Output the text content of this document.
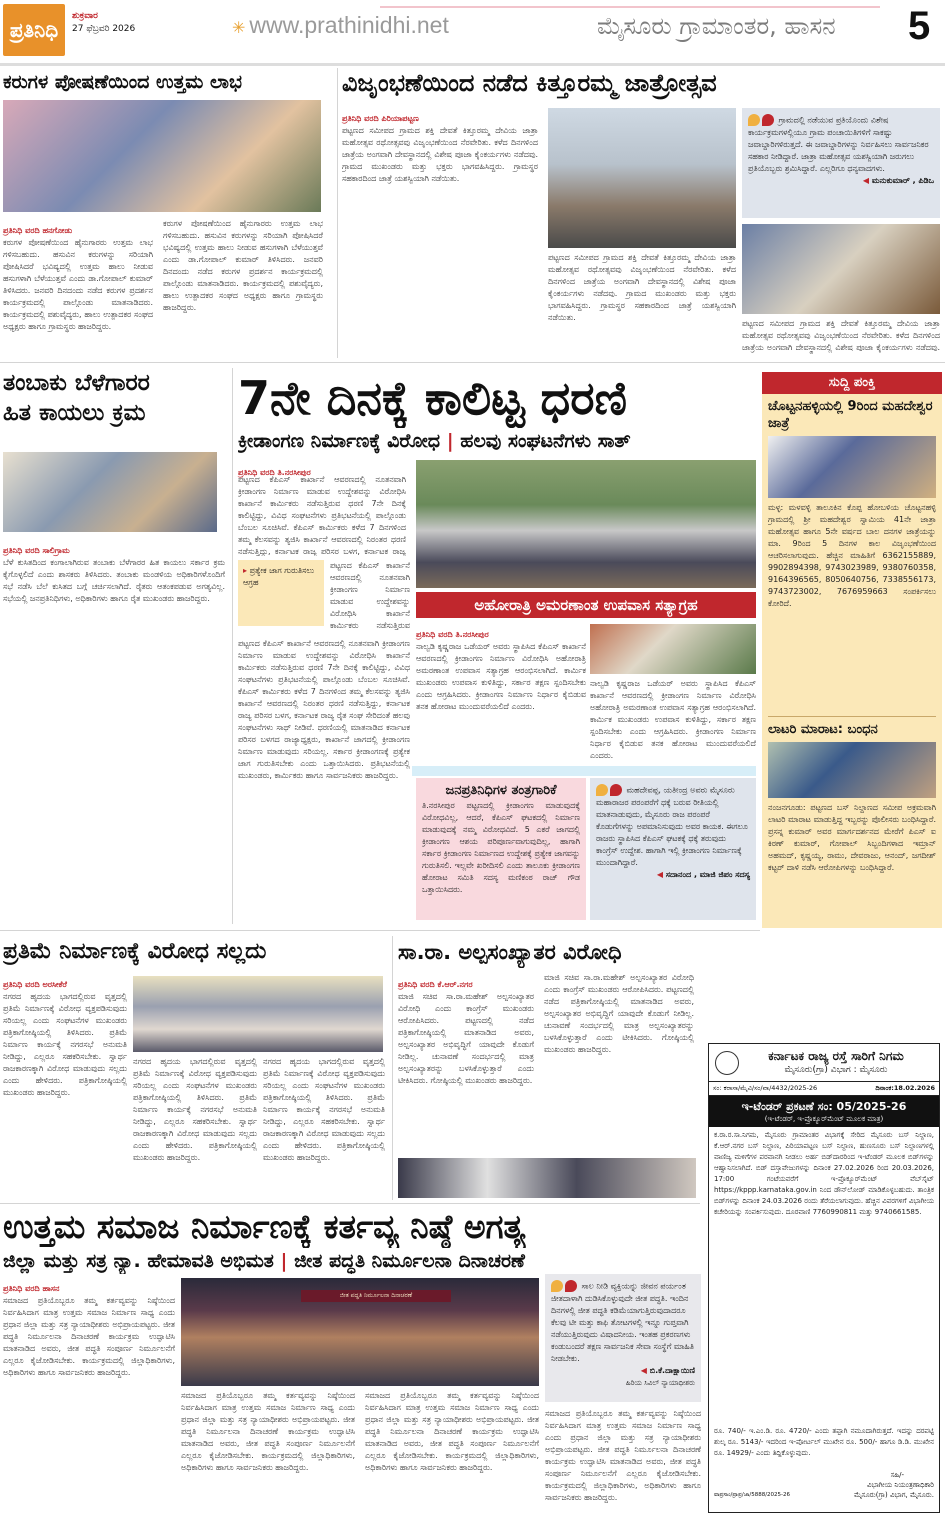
ಪ್ರತಿನಿಧಿ
ಶುಕ್ರವಾರ
27 ಫೆಬ್ರವರಿ 2026	✳ www.prathinidhi.net	ಮೈಸೂರು ಗ್ರಾಮಾಂತರ, ಹಾಸನ 5
ಕರುಗಳ ಪೋಷಣೆಯಿಂದ ಉತ್ತಮ ಲಾಭ
ಪ್ರತಿನಿಧಿ ವರದಿ ಹನಗೋಡು
ಕರುಗಳ ಪೋಷಣೆಯಿಂದ ಹೈನುಗಾರರು ಉತ್ತಮ ಲಾಭ ಗಳಿಸಬಹುದು. ಹಸುವಿನ ಕರುಗಳನ್ನು ಸರಿಯಾಗಿ ಪೋಷಿಸಿದರೆ ಭವಿಷ್ಯದಲ್ಲಿ ಉತ್ತಮ ಹಾಲು ನೀಡುವ ಹಸುಗಳಾಗಿ ಬೆಳೆಯುತ್ತವೆ ಎಂದು ಡಾ.ಗೋಪಾಲ್ ಕುಮಾರ್ ತಿಳಿಸಿದರು. ಜನವರಿ ದಿನದಂದು ನಡೆದ ಕರುಗಳ ಪ್ರದರ್ಶನ ಕಾರ್ಯಕ್ರಮದಲ್ಲಿ ಪಾಲ್ಗೊಂಡು ಮಾತನಾಡಿದರು. ಕಾರ್ಯಕ್ರಮದಲ್ಲಿ ಪಶುವೈದ್ಯರು, ಹಾಲು ಉತ್ಪಾದಕರ ಸಂಘದ ಅಧ್ಯಕ್ಷರು ಹಾಗೂ ಗ್ರಾಮಸ್ಥರು ಹಾಜರಿದ್ದರು.
ಕರುಗಳ ಪೋಷಣೆಯಿಂದ ಹೈನುಗಾರರು ಉತ್ತಮ ಲಾಭ ಗಳಿಸಬಹುದು. ಹಸುವಿನ ಕರುಗಳನ್ನು ಸರಿಯಾಗಿ ಪೋಷಿಸಿದರೆ ಭವಿಷ್ಯದಲ್ಲಿ ಉತ್ತಮ ಹಾಲು ನೀಡುವ ಹಸುಗಳಾಗಿ ಬೆಳೆಯುತ್ತವೆ ಎಂದು ಡಾ.ಗೋಪಾಲ್ ಕುಮಾರ್ ತಿಳಿಸಿದರು. ಜನವರಿ ದಿನದಂದು ನಡೆದ ಕರುಗಳ ಪ್ರದರ್ಶನ ಕಾರ್ಯಕ್ರಮದಲ್ಲಿ ಪಾಲ್ಗೊಂಡು ಮಾತನಾಡಿದರು. ಕಾರ್ಯಕ್ರಮದಲ್ಲಿ ಪಶುವೈದ್ಯರು, ಹಾಲು ಉತ್ಪಾದಕರ ಸಂಘದ ಅಧ್ಯಕ್ಷರು ಹಾಗೂ ಗ್ರಾಮಸ್ಥರು ಹಾಜರಿದ್ದರು.
ವಿಜೃಂಭಣೆಯಿಂದ ನಡೆದ ಕಿತ್ತೂರಮ್ಮ ಜಾತ್ರೋತ್ಸವ
ಪ್ರತಿನಿಧಿ ವರದಿ ಪಿರಿಯಾಪಟ್ಟಣ
ಪಟ್ಟಣದ ಸಮೀಪದ ಗ್ರಾಮದ ಶಕ್ತಿ ದೇವತೆ ಕಿತ್ತೂರಮ್ಮ ದೇವಿಯ ಜಾತ್ರಾ ಮಹೋತ್ಸವ ರಥೋತ್ಸವವು ವಿಜೃಂಭಣೆಯಿಂದ ನೆರವೇರಿತು. ಕಳೆದ ದಿನಗಳಿಂದ ಜಾತ್ರೆಯ ಅಂಗವಾಗಿ ದೇವಸ್ಥಾನದಲ್ಲಿ ವಿಶೇಷ ಪೂಜಾ ಕೈಂಕರ್ಯಗಳು ನಡೆದವು. ಗ್ರಾಮದ ಮುಖಂಡರು ಮತ್ತು ಭಕ್ತರು ಭಾಗವಹಿಸಿದ್ದರು. ಗ್ರಾಮಸ್ಥರ ಸಹಕಾರದಿಂದ ಜಾತ್ರೆ ಯಶಸ್ವಿಯಾಗಿ ನಡೆಯಿತು.
ಪಟ್ಟಣದ ಸಮೀಪದ ಗ್ರಾಮದ ಶಕ್ತಿ ದೇವತೆ ಕಿತ್ತೂರಮ್ಮ ದೇವಿಯ ಜಾತ್ರಾ ಮಹೋತ್ಸವ ರಥೋತ್ಸವವು ವಿಜೃಂಭಣೆಯಿಂದ ನೆರವೇರಿತು. ಕಳೆದ ದಿನಗಳಿಂದ ಜಾತ್ರೆಯ ಅಂಗವಾಗಿ ದೇವಸ್ಥಾನದಲ್ಲಿ ವಿಶೇಷ ಪೂಜಾ ಕೈಂಕರ್ಯಗಳು ನಡೆದವು. ಗ್ರಾಮದ ಮುಖಂಡರು ಮತ್ತು ಭಕ್ತರು ಭಾಗವಹಿಸಿದ್ದರು. ಗ್ರಾಮಸ್ಥರ ಸಹಕಾರದಿಂದ ಜಾತ್ರೆ ಯಶಸ್ವಿಯಾಗಿ ನಡೆಯಿತು.
ಗ್ರಾಮದಲ್ಲಿ ನಡೆಯುವ ಪ್ರತಿಯೊಂದು ವಿಶೇಷ ಕಾರ್ಯಕ್ರಮಗಳಲ್ಲಿಯೂ ಗ್ರಾಮ ಪಂಚಾಯಿತಿಗಳಿಗೆ ಸಾಕಷ್ಟು ಜವಾಬ್ದಾರಿಗಳಿರುತ್ತದೆ. ಈ ಜವಾಬ್ದಾರಿಗಳನ್ನು ನಿರ್ವಹಿಸಲು ಸಾರ್ವಜನಿಕರ ಸಹಕಾರ ನೀಡಿದ್ದಾರೆ. ಜಾತ್ರಾ ಮಹೋತ್ಸವ ಯಶಸ್ವಿಯಾಗಿ ಜರುಗಲು ಪ್ರತಿಯೊಬ್ಬರು ಶ್ರಮಿಸಿದ್ದಾರೆ. ಎಲ್ಲರಿಗೂ ಧನ್ಯವಾದಗಳು.
◀ ಮನುಕುಮಾರ್ , ಪಿಡಿಒ
ಪಟ್ಟಣದ ಸಮೀಪದ ಗ್ರಾಮದ ಶಕ್ತಿ ದೇವತೆ ಕಿತ್ತೂರಮ್ಮ ದೇವಿಯ ಜಾತ್ರಾ ಮಹೋತ್ಸವ ರಥೋತ್ಸವವು ವಿಜೃಂಭಣೆಯಿಂದ ನೆರವೇರಿತು. ಕಳೆದ ದಿನಗಳಿಂದ ಜಾತ್ರೆಯ ಅಂಗವಾಗಿ ದೇವಸ್ಥಾನದಲ್ಲಿ ವಿಶೇಷ ಪೂಜಾ ಕೈಂಕರ್ಯಗಳು ನಡೆದವು.
ತಂಬಾಕು ಬೆಳೆಗಾರರ
ಹಿತ ಕಾಯಲು ಕ್ರಮ
ಪ್ರತಿನಿಧಿ ವರದಿ ಸಾಲಿಗ್ರಾಮ
ಬೆಳೆ ಕುಸಿತದಿಂದ ಕಂಗಾಲಾಗಿರುವ ತಂಬಾಕು ಬೆಳೆಗಾರರ ಹಿತ ಕಾಯಲು ಸರ್ಕಾರ ಕ್ರಮ ಕೈಗೊಳ್ಳಲಿದೆ ಎಂದು ಶಾಸಕರು ತಿಳಿಸಿದರು. ತಂಬಾಕು ಮಂಡಳಿಯ ಅಧಿಕಾರಿಗಳೊಂದಿಗೆ ಸಭೆ ನಡೆಸಿ ಬೆಲೆ ಕುಸಿತದ ಬಗ್ಗೆ ಚರ್ಚಿಸಲಾಗಿದೆ. ರೈತರು ಆತಂಕಪಡುವ ಅಗತ್ಯವಿಲ್ಲ. ಸಭೆಯಲ್ಲಿ ಜನಪ್ರತಿನಿಧಿಗಳು, ಅಧಿಕಾರಿಗಳು ಹಾಗೂ ರೈತ ಮುಖಂಡರು ಹಾಜರಿದ್ದರು.
7ನೇ ದಿನಕ್ಕೆ ಕಾಲಿಟ್ಟ ಧರಣಿ
ಕ್ರೀಡಾಂಗಣ ನಿರ್ಮಾಣಕ್ಕೆ ವಿರೋಧ | ಹಲವು ಸಂಘಟನೆಗಳು ಸಾತ್
ಪ್ರತಿನಿಧಿ ವರದಿ ತಿ.ನರಸೀಪುರ
ಪಟ್ಟಣದ ಕೆಪಿಎಸ್ ಕಾರ್ಖಾನೆ ಆವರಣದಲ್ಲಿ ನೂತನವಾಗಿ ಕ್ರೀಡಾಂಗಣ ನಿರ್ಮಾಣ ಮಾಡುವ ಉದ್ದೇಶವನ್ನು ವಿರೋಧಿಸಿ ಕಾರ್ಖಾನೆ ಕಾರ್ಮಿಕರು ನಡೆಸುತ್ತಿರುವ ಧರಣಿ 7ನೇ ದಿನಕ್ಕೆ ಕಾಲಿಟ್ಟಿದ್ದು, ವಿವಿಧ ಸಂಘಟನೆಗಳು ಪ್ರತಿಭಟನೆಯಲ್ಲಿ ಪಾಲ್ಗೊಂಡು ಬೆಂಬಲ ಸೂಚಿಸಿವೆ. ಕೆಪಿಎಸ್ ಕಾರ್ಮಿಕರು ಕಳೆದ 7 ದಿನಗಳಿಂದ ತಮ್ಮ ಕೆಲಸವನ್ನು ತ್ಯಜಿಸಿ ಕಾರ್ಖಾನೆ ಆವರಣದಲ್ಲಿ ನಿರಂತರ ಧರಣಿ ನಡೆಸುತ್ತಿದ್ದು, ಕರ್ನಾಟಕ ರಾಜ್ಯ ಪರಿಸರ ಬಳಗ, ಕರ್ನಾಟಕ ರಾಜ್ಯ
▸ ಪ್ರತ್ಯೇಕ ಜಾಗ ಗುರುತಿಸಲು ಆಗ್ರಹ
ಪಟ್ಟಣದ ಕೆಪಿಎಸ್ ಕಾರ್ಖಾನೆ ಆವರಣದಲ್ಲಿ ನೂತನವಾಗಿ ಕ್ರೀಡಾಂಗಣ ನಿರ್ಮಾಣ ಮಾಡುವ ಉದ್ದೇಶವನ್ನು ವಿರೋಧಿಸಿ ಕಾರ್ಖಾನೆ ಕಾರ್ಮಿಕರು ನಡೆಸುತ್ತಿರುವ
ಪಟ್ಟಣದ ಕೆಪಿಎಸ್ ಕಾರ್ಖಾನೆ ಆವರಣದಲ್ಲಿ ನೂತನವಾಗಿ ಕ್ರೀಡಾಂಗಣ ನಿರ್ಮಾಣ ಮಾಡುವ ಉದ್ದೇಶವನ್ನು ವಿರೋಧಿಸಿ ಕಾರ್ಖಾನೆ ಕಾರ್ಮಿಕರು ನಡೆಸುತ್ತಿರುವ ಧರಣಿ 7ನೇ ದಿನಕ್ಕೆ ಕಾಲಿಟ್ಟಿದ್ದು, ವಿವಿಧ ಸಂಘಟನೆಗಳು ಪ್ರತಿಭಟನೆಯಲ್ಲಿ ಪಾಲ್ಗೊಂಡು ಬೆಂಬಲ ಸೂಚಿಸಿವೆ. ಕೆಪಿಎಸ್ ಕಾರ್ಮಿಕರು ಕಳೆದ 7 ದಿನಗಳಿಂದ ತಮ್ಮ ಕೆಲಸವನ್ನು ತ್ಯಜಿಸಿ ಕಾರ್ಖಾನೆ ಆವರಣದಲ್ಲಿ ನಿರಂತರ ಧರಣಿ ನಡೆಸುತ್ತಿದ್ದು, ಕರ್ನಾಟಕ ರಾಜ್ಯ ಪರಿಸರ ಬಳಗ, ಕರ್ನಾಟಕ ರಾಜ್ಯ ರೈತ ಸಂಘ ಸೇರಿದಂತೆ ಹಲವು ಸಂಘಟನೆಗಳು ಸಾಥ್ ನೀಡಿವೆ. ಧರಣಿಯಲ್ಲಿ ಮಾತನಾಡಿದ ಕರ್ನಾಟಕ ಪರಿಸರ ಬಳಗದ ರಾಜ್ಯಾಧ್ಯಕ್ಷರು, ಕಾರ್ಖಾನೆ ಜಾಗದಲ್ಲಿ ಕ್ರೀಡಾಂಗಣ ನಿರ್ಮಾಣ ಮಾಡುವುದು ಸರಿಯಲ್ಲ. ಸರ್ಕಾರ ಕ್ರೀಡಾಂಗಣಕ್ಕೆ ಪ್ರತ್ಯೇಕ ಜಾಗ ಗುರುತಿಸಬೇಕು ಎಂದು ಒತ್ತಾಯಿಸಿದರು. ಪ್ರತಿಭಟನೆಯಲ್ಲಿ ಮುಖಂಡರು, ಕಾರ್ಮಿಕರು ಹಾಗೂ ಸಾರ್ವಜನಿಕರು ಹಾಜರಿದ್ದರು.
ಅಹೋರಾತ್ರಿ ಅಮರಣಾಂತ ಉಪವಾಸ ಸತ್ಯಾಗ್ರಹ
ಪ್ರತಿನಿಧಿ ವರದಿ ತಿ.ನರಸೀಪುರ
ನಾಲ್ವಡಿ ಕೃಷ್ಣರಾಜ ಒಡೆಯರ್ ಅವರು ಸ್ಥಾಪಿಸಿದ ಕೆಪಿಎಸ್ ಕಾರ್ಖಾನೆ ಆವರಣದಲ್ಲಿ ಕ್ರೀಡಾಂಗಣ ನಿರ್ಮಾಣ ವಿರೋಧಿಸಿ ಅಹೋರಾತ್ರಿ ಅಮರಣಾಂತ ಉಪವಾಸ ಸತ್ಯಾಗ್ರಹ ಆರಂಭಿಸಲಾಗಿದೆ. ಕಾರ್ಮಿಕ ಮುಖಂಡರು ಉಪವಾಸ ಕುಳಿತಿದ್ದು, ಸರ್ಕಾರ ತಕ್ಷಣ ಸ್ಪಂದಿಸಬೇಕು ಎಂದು ಆಗ್ರಹಿಸಿದರು. ಕ್ರೀಡಾಂಗಣ ನಿರ್ಮಾಣ ನಿರ್ಧಾರ ಕೈಬಿಡುವ ತನಕ ಹೋರಾಟ ಮುಂದುವರೆಯಲಿದೆ ಎಂದರು.
ನಾಲ್ವಡಿ ಕೃಷ್ಣರಾಜ ಒಡೆಯರ್ ಅವರು ಸ್ಥಾಪಿಸಿದ ಕೆಪಿಎಸ್ ಕಾರ್ಖಾನೆ ಆವರಣದಲ್ಲಿ ಕ್ರೀಡಾಂಗಣ ನಿರ್ಮಾಣ ವಿರೋಧಿಸಿ ಅಹೋರಾತ್ರಿ ಅಮರಣಾಂತ ಉಪವಾಸ ಸತ್ಯಾಗ್ರಹ ಆರಂಭಿಸಲಾಗಿದೆ. ಕಾರ್ಮಿಕ ಮುಖಂಡರು ಉಪವಾಸ ಕುಳಿತಿದ್ದು, ಸರ್ಕಾರ ತಕ್ಷಣ ಸ್ಪಂದಿಸಬೇಕು ಎಂದು ಆಗ್ರಹಿಸಿದರು. ಕ್ರೀಡಾಂಗಣ ನಿರ್ಮಾಣ ನಿರ್ಧಾರ ಕೈಬಿಡುವ ತನಕ ಹೋರಾಟ ಮುಂದುವರೆಯಲಿದೆ ಎಂದರು.
ಜನಪ್ರತಿನಿಧಿಗಳ ತಂತ್ರಗಾರಿಕೆ
ತಿ.ನರಸೀಪುರ ಪಟ್ಟಣದಲ್ಲಿ ಕ್ರೀಡಾಂಗಣ ಮಾಡುವುದಕ್ಕೆ ವಿರೋಧವಿಲ್ಲ, ಆದರೆ, ಕೆಪಿಎಸ್ ಘಟಕದಲ್ಲಿ ನಿರ್ಮಾಣ ಮಾಡುವುದಕ್ಕೆ ನಮ್ಮ ವಿರೋಧವಿದೆ. 5 ಎಕರೆ ಜಾಗದಲ್ಲಿ ಕ್ರೀಡಾಂಗಣ ಆಶಯ ಪರಿಪೂರ್ಣವಾಗುವುದಿಲ್ಲ, ಹಾಗಾಗಿ ಸರ್ಕಾರ ಕ್ರೀಡಾಂಗಣ ನಿರ್ಮಾಣದ ಉದ್ದೇಶಕ್ಕೆ ಪ್ರತ್ಯೇಕ ಜಾಗವನ್ನು ಗುರುತಿಸಲಿ. ಇಲ್ಲವೇ ಖರೀದಿಸಲಿ ಎಂದು ತಾಲೂಕು ಕ್ರೀಡಾಂಗಣ ಹೋರಾಟ ಸಮಿತಿ ಸದಸ್ಯ ಮಣಿಕಂಠ ರಾಜ್ ಗೌಡ ಒತ್ತಾಯಿಸಿದರು.
ಮಹದೇವಪ್ಪ, ಯತೀಂದ್ರ ಅವರು ಮೈಸೂರು ಮಹಾರಾಜರ ಪರಂಪರೆಗೆ ಧಕ್ಕೆ ಬರುವ ರೀತಿಯಲ್ಲಿ ಮಾತನಾಡುವುದು, ಮೈಸೂರು ರಾಜ ಪರಂಪರೆ ಕೊಡುಗೆಗಳನ್ನು ಅಪಮಾನಿಸುವುದು ಅವರ ಕಾಯಕ. ಈಗಲೂ ರಾಜರು ಸ್ಥಾಪಿಸಿದ ಕೆಪಿಎಸ್ ಘಟಕಕ್ಕೆ ಧಕ್ಕೆ ತರುವುದು ಕಾಂಗ್ರೆಸ್ ಉದ್ದೇಶ. ಹಾಗಾಗಿ ಇಲ್ಲಿ ಕ್ರೀಡಾಂಗಣ ನಿರ್ಮಾಣಕ್ಕೆ ಮುಂದಾಗಿದ್ದಾರೆ.
◀ ಸದಾನಂದ , ಮಾಜಿ ಜಿಪಂ ಸದಸ್ಯ
ಸುದ್ದಿ ಪಂಕ್ತಿ
ಚೊಟ್ಟನಹಳ್ಳಿಯಲ್ಲಿ 9ರಿಂದ ಮಹದೇಶ್ವರ ಜಾತ್ರೆ
ಮಳ್ಳ: ಮಳವಳ್ಳಿ ತಾಲೂಕಿನ ಕೊಪ್ಪ ಹೋಬಳಿಯ ಚೊಟ್ಟನಹಳ್ಳಿ ಗ್ರಾಮದಲ್ಲಿ ಶ್ರೀ ಮಹದೇಶ್ವರ ಸ್ವಾಮಿಯ 41ನೇ ಜಾತ್ರಾ ಮಹೋತ್ಸವ ಹಾಗೂ 5ನೇ ವರ್ಷದ ಬಾಲ ದನಗಳ ಜಾತ್ರೆಯನ್ನು ಮಾ. 9ರಿಂದ 5 ದಿನಗಳ ಕಾಲ ವಿಜೃಂಭಣೆಯಿಂದ ಆಚರಿಸಲಾಗುವುದು. ಹೆಚ್ಚಿನ ಮಾಹಿತಿಗೆ 6362155889, 9902894398, 9743023989, 9380760358, 9164396565, 8050640756, 7338556173, 9743723002, 7676959663 ಸಂಪರ್ಕಿಸಲು ಕೋರಿದೆ.
ಲಾಟರಿ ಮಾರಾಟ: ಬಂಧನ
ನಂಜನಗೂಡು: ಪಟ್ಟಣದ ಬಸ್ ನಿಲ್ದಾಣದ ಸಮೀಪ ಅಕ್ರಮವಾಗಿ ಲಾಟರಿ ಮಾರಾಟ ಮಾಡುತ್ತಿದ್ದ ಇಬ್ಬರನ್ನು ಪೊಲೀಸರು ಬಂಧಿಸಿದ್ದಾರೆ. ಪ್ರಸನ್ನ ಕುಮಾರ್ ಅವರ ಮಾರ್ಗದರ್ಶನದ ಮೇರೆಗೆ ಪಿಎಸ್ ಐ ಕಿರಣ್ ಕುಮಾರ್, ಗೋಪಾಲ್ ಸಿಬ್ಬಂದಿಗಳಾದ ಇಮ್ರಾನ್ ಅಹಮದ್, ಕೃಷ್ಣಯ್ಯ, ರಾಮು, ದೇವರಾಜು, ಆನಂದ್, ಜಗದೀಶ್ ಕಟ್ಟರ್ ದಾಳಿ ನಡೆಸಿ ಆರೋಪಿಗಳನ್ನು ಬಂಧಿಸಿದ್ದಾರೆ.
ಪ್ರತಿಮೆ ನಿರ್ಮಾಣಕ್ಕೆ ವಿರೋಧ ಸಲ್ಲದು
ಪ್ರತಿನಿಧಿ ವರದಿ ಅರಸೀಕೆರೆ
ನಗರದ ಹೃದಯ ಭಾಗದಲ್ಲಿರುವ ವೃತ್ತದಲ್ಲಿ ಪ್ರತಿಮೆ ನಿರ್ಮಾಣಕ್ಕೆ ವಿರೋಧ ವ್ಯಕ್ತಪಡಿಸುವುದು ಸರಿಯಲ್ಲ ಎಂದು ಸಂಘಟನೆಗಳ ಮುಖಂಡರು ಪತ್ರಿಕಾಗೋಷ್ಠಿಯಲ್ಲಿ ತಿಳಿಸಿದರು. ಪ್ರತಿಮೆ ನಿರ್ಮಾಣ ಕಾರ್ಯಕ್ಕೆ ನಗರಸಭೆ ಅನುಮತಿ ನೀಡಿದ್ದು, ಎಲ್ಲರೂ ಸಹಕರಿಸಬೇಕು. ಸ್ವಾರ್ಥ ರಾಜಕಾರಣಕ್ಕಾಗಿ ವಿರೋಧ ಮಾಡುವುದು ಸಲ್ಲದು ಎಂದು ಹೇಳಿದರು. ಪತ್ರಿಕಾಗೋಷ್ಠಿಯಲ್ಲಿ ಮುಖಂಡರು ಹಾಜರಿದ್ದರು.
ನಗರದ ಹೃದಯ ಭಾಗದಲ್ಲಿರುವ ವೃತ್ತದಲ್ಲಿ ಪ್ರತಿಮೆ ನಿರ್ಮಾಣಕ್ಕೆ ವಿರೋಧ ವ್ಯಕ್ತಪಡಿಸುವುದು ಸರಿಯಲ್ಲ ಎಂದು ಸಂಘಟನೆಗಳ ಮುಖಂಡರು ಪತ್ರಿಕಾಗೋಷ್ಠಿಯಲ್ಲಿ ತಿಳಿಸಿದರು. ಪ್ರತಿಮೆ ನಿರ್ಮಾಣ ಕಾರ್ಯಕ್ಕೆ ನಗರಸಭೆ ಅನುಮತಿ ನೀಡಿದ್ದು, ಎಲ್ಲರೂ ಸಹಕರಿಸಬೇಕು. ಸ್ವಾರ್ಥ ರಾಜಕಾರಣಕ್ಕಾಗಿ ವಿರೋಧ ಮಾಡುವುದು ಸಲ್ಲದು ಎಂದು ಹೇಳಿದರು. ಪತ್ರಿಕಾಗೋಷ್ಠಿಯಲ್ಲಿ ಮುಖಂಡರು ಹಾಜರಿದ್ದರು.
ನಗರದ ಹೃದಯ ಭಾಗದಲ್ಲಿರುವ ವೃತ್ತದಲ್ಲಿ ಪ್ರತಿಮೆ ನಿರ್ಮಾಣಕ್ಕೆ ವಿರೋಧ ವ್ಯಕ್ತಪಡಿಸುವುದು ಸರಿಯಲ್ಲ ಎಂದು ಸಂಘಟನೆಗಳ ಮುಖಂಡರು ಪತ್ರಿಕಾಗೋಷ್ಠಿಯಲ್ಲಿ ತಿಳಿಸಿದರು. ಪ್ರತಿಮೆ ನಿರ್ಮಾಣ ಕಾರ್ಯಕ್ಕೆ ನಗರಸಭೆ ಅನುಮತಿ ನೀಡಿದ್ದು, ಎಲ್ಲರೂ ಸಹಕರಿಸಬೇಕು. ಸ್ವಾರ್ಥ ರಾಜಕಾರಣಕ್ಕಾಗಿ ವಿರೋಧ ಮಾಡುವುದು ಸಲ್ಲದು ಎಂದು ಹೇಳಿದರು. ಪತ್ರಿಕಾಗೋಷ್ಠಿಯಲ್ಲಿ ಮುಖಂಡರು ಹಾಜರಿದ್ದರು.
ಸಾ.ರಾ. ಅಲ್ಪಸಂಖ್ಯಾತರ ವಿರೋಧಿ
ಪ್ರತಿನಿಧಿ ವರದಿ ಕೆ.ಆರ್.ನಗರ
ಮಾಜಿ ಸಚಿವ ಸಾ.ರಾ.ಮಹೇಶ್ ಅಲ್ಪಸಂಖ್ಯಾತರ ವಿರೋಧಿ ಎಂದು ಕಾಂಗ್ರೆಸ್ ಮುಖಂಡರು ಆರೋಪಿಸಿದರು. ಪಟ್ಟಣದಲ್ಲಿ ನಡೆದ ಪತ್ರಿಕಾಗೋಷ್ಠಿಯಲ್ಲಿ ಮಾತನಾಡಿದ ಅವರು, ಅಲ್ಪಸಂಖ್ಯಾತರ ಅಭಿವೃದ್ಧಿಗೆ ಯಾವುದೇ ಕೊಡುಗೆ ನೀಡಿಲ್ಲ. ಚುನಾವಣೆ ಸಂದರ್ಭದಲ್ಲಿ ಮಾತ್ರ ಅಲ್ಪಸಂಖ್ಯಾತರನ್ನು ಬಳಸಿಕೊಳ್ಳುತ್ತಾರೆ ಎಂದು ಟೀಕಿಸಿದರು. ಗೋಷ್ಠಿಯಲ್ಲಿ ಮುಖಂಡರು ಹಾಜರಿದ್ದರು.
ಮಾಜಿ ಸಚಿವ ಸಾ.ರಾ.ಮಹೇಶ್ ಅಲ್ಪಸಂಖ್ಯಾತರ ವಿರೋಧಿ ಎಂದು ಕಾಂಗ್ರೆಸ್ ಮುಖಂಡರು ಆರೋಪಿಸಿದರು. ಪಟ್ಟಣದಲ್ಲಿ ನಡೆದ ಪತ್ರಿಕಾಗೋಷ್ಠಿಯಲ್ಲಿ ಮಾತನಾಡಿದ ಅವರು, ಅಲ್ಪಸಂಖ್ಯಾತರ ಅಭಿವೃದ್ಧಿಗೆ ಯಾವುದೇ ಕೊಡುಗೆ ನೀಡಿಲ್ಲ. ಚುನಾವಣೆ ಸಂದರ್ಭದಲ್ಲಿ ಮಾತ್ರ ಅಲ್ಪಸಂಖ್ಯಾತರನ್ನು ಬಳಸಿಕೊಳ್ಳುತ್ತಾರೆ ಎಂದು ಟೀಕಿಸಿದರು. ಗೋಷ್ಠಿಯಲ್ಲಿ ಮುಖಂಡರು ಹಾಜರಿದ್ದರು.	ಕರ್ನಾಟಕ ರಾಜ್ಯ ರಸ್ತೆ ಸಾರಿಗೆ ನಿಗಮ
ಮೈಸೂರು(ಗ್ರಾ) ವಿಭಾಗ : ಮೈಸೂರು
ಸಂ: ಕರಾಸಾ/ಮೈವಿ/ಸಂ/ವಾ/4432/2025-26	ದಿನಾಂಕ:18.02.2026
ಇ-ಟೆಂಡರ್ ಪ್ರಕಟಣೆ ಸಂ: 05/2025-26
(ಇ-ಟೆಂಡರ್, ಇ-ಪ್ರೊಕ್ಯೂರ್‌ಮೆಂಟ್ ಮೂಲಕ ಮಾತ್ರ)
ಕ.ರಾ.ರ.ಸಾ.ನಿಗಮ, ಮೈಸೂರು ಗ್ರಾಮಾಂತರ ವಿಭಾಗಕ್ಕೆ ಸೇರಿದ ಮೈಸೂರು ಬಸ್ ನಿಲ್ದಾಣ, ಕೆ.ಆರ್.ನಗರ ಬಸ್ ನಿಲ್ದಾಣ, ಪಿರಿಯಾಪಟ್ಟಣ ಬಸ್ ನಿಲ್ದಾಣ, ಹುಣಸೂರು ಬಸ್ ನಿಲ್ದಾಣಗಳಲ್ಲಿ ವಾಣಿಜ್ಯ ಮಳಿಗೆಗಳ ಪರವಾನಗಿ ನೀಡಲು ಅರ್ಹ ಬಿಡ್‌ದಾರರಿಂದ ಇ-ಟೆಂಡರ್ ಮೂಲಕ ಬಿಡ್‌ಗಳನ್ನು ಆಹ್ವಾನಿಸಲಾಗಿದೆ. ಬಿಡ್ ದಸ್ತಾವೇಜುಗಳನ್ನು ದಿನಾಂಕ 27.02.2026 ರಿಂದ 20.03.2026, 17:00 ಗಂಟೆಯವರೆಗೆ ಇ-ಪ್ರೊಕ್ಯೂರ್‌ಮೆಂಟ್ ವೆಬ್‌ಸೈಟ್ https://kppp.karnataka.gov.in ನಿಂದ ಡೌನ್‌ಲೋಡ್ ಮಾಡಿಕೊಳ್ಳಬಹುದು. ತಾಂತ್ರಿಕ ಬಿಡ್‌ಗಳನ್ನು ದಿನಾಂಕ 24.03.2026 ರಂದು ತೆರೆಯಲಾಗುವುದು. ಹೆಚ್ಚಿನ ವಿವರಗಳಿಗೆ ವಿಭಾಗೀಯ ಕಚೇರಿಯನ್ನು ಸಂಪರ್ಕಿಸುವುದು. ದೂರವಾಣಿ 7760990811 ಮತ್ತು 9740661585.
ರೂ. 740/- ಇ.ಎಂ.ಡಿ. ರೂ. 4720/- ಎಂದು ತಪ್ಪಾಗಿ ನಮೂದಾಗಿರುತ್ತದೆ. ಇದನ್ನು ದರಪಟ್ಟಿ ಶುಲ್ಕ ರೂ. 5143/- ಇದರಿಂದ ಇ-ಪೋರ್ಟಲ್ ಮುಖೇನ ರೂ. 500/- ಹಾಗೂ ಡಿ.ಡಿ. ಮುಖೇನ ರೂ. 14929/- ಎಂದು ತಿದ್ದಿಕೊಳ್ಳುವುದು.
ಸಹಿ/-
ವಾಪ್ರಸಾಂ/ಪ್ರಾಪ್ರ/ಜಾ/5888/2025-26
ವಿಭಾಗೀಯ ನಿಯಂತ್ರಣಾಧಿಕಾರಿ
ಮೈಸೂರು(ಗ್ರಾ) ವಿಭಾಗ, ಮೈಸೂರು.
ಉತ್ತಮ ಸಮಾಜ ನಿರ್ಮಾಣಕ್ಕೆ ಕರ್ತವ್ಯ ನಿಷ್ಠೆ ಅಗತ್ಯ
ಜಿಲ್ಲಾ ಮತ್ತು ಸತ್ರ ನ್ಯಾ. ಹೇಮಾವತಿ ಅಭಿಮತ | ಜೀತ ಪದ್ಧತಿ ನಿರ್ಮೂಲನಾ ದಿನಾಚರಣೆ
ಪ್ರತಿನಿಧಿ ವರದಿ ಹಾಸನ
ಸಮಾಜದ ಪ್ರತಿಯೊಬ್ಬರೂ ತಮ್ಮ ಕರ್ತವ್ಯವನ್ನು ನಿಷ್ಠೆಯಿಂದ ನಿರ್ವಹಿಸಿದಾಗ ಮಾತ್ರ ಉತ್ತಮ ಸಮಾಜ ನಿರ್ಮಾಣ ಸಾಧ್ಯ ಎಂದು ಪ್ರಧಾನ ಜಿಲ್ಲಾ ಮತ್ತು ಸತ್ರ ನ್ಯಾಯಾಧೀಶರು ಅಭಿಪ್ರಾಯಪಟ್ಟರು. ಜೀತ ಪದ್ಧತಿ ನಿರ್ಮೂಲನಾ ದಿನಾಚರಣೆ ಕಾರ್ಯಕ್ರಮ ಉದ್ಘಾಟಿಸಿ ಮಾತನಾಡಿದ ಅವರು, ಜೀತ ಪದ್ಧತಿ ಸಂಪೂರ್ಣ ನಿರ್ಮೂಲನೆಗೆ ಎಲ್ಲರೂ ಕೈಜೋಡಿಸಬೇಕು. ಕಾರ್ಯಕ್ರಮದಲ್ಲಿ ಜಿಲ್ಲಾಧಿಕಾರಿಗಳು, ಅಧಿಕಾರಿಗಳು ಹಾಗೂ ಸಾರ್ವಜನಿಕರು ಹಾಜರಿದ್ದರು.
ಜೀತ ಪದ್ಧತಿ ನಿರ್ಮೂಲನಾ ದಿನಾಚರಣೆ
ಸಮಾಜದ ಪ್ರತಿಯೊಬ್ಬರೂ ತಮ್ಮ ಕರ್ತವ್ಯವನ್ನು ನಿಷ್ಠೆಯಿಂದ ನಿರ್ವಹಿಸಿದಾಗ ಮಾತ್ರ ಉತ್ತಮ ಸಮಾಜ ನಿರ್ಮಾಣ ಸಾಧ್ಯ ಎಂದು ಪ್ರಧಾನ ಜಿಲ್ಲಾ ಮತ್ತು ಸತ್ರ ನ್ಯಾಯಾಧೀಶರು ಅಭಿಪ್ರಾಯಪಟ್ಟರು. ಜೀತ ಪದ್ಧತಿ ನಿರ್ಮೂಲನಾ ದಿನಾಚರಣೆ ಕಾರ್ಯಕ್ರಮ ಉದ್ಘಾಟಿಸಿ ಮಾತನಾಡಿದ ಅವರು, ಜೀತ ಪದ್ಧತಿ ಸಂಪೂರ್ಣ ನಿರ್ಮೂಲನೆಗೆ ಎಲ್ಲರೂ ಕೈಜೋಡಿಸಬೇಕು. ಕಾರ್ಯಕ್ರಮದಲ್ಲಿ ಜಿಲ್ಲಾಧಿಕಾರಿಗಳು, ಅಧಿಕಾರಿಗಳು ಹಾಗೂ ಸಾರ್ವಜನಿಕರು ಹಾಜರಿದ್ದರು.
ಸಮಾಜದ ಪ್ರತಿಯೊಬ್ಬರೂ ತಮ್ಮ ಕರ್ತವ್ಯವನ್ನು ನಿಷ್ಠೆಯಿಂದ ನಿರ್ವಹಿಸಿದಾಗ ಮಾತ್ರ ಉತ್ತಮ ಸಮಾಜ ನಿರ್ಮಾಣ ಸಾಧ್ಯ ಎಂದು ಪ್ರಧಾನ ಜಿಲ್ಲಾ ಮತ್ತು ಸತ್ರ ನ್ಯಾಯಾಧೀಶರು ಅಭಿಪ್ರಾಯಪಟ್ಟರು. ಜೀತ ಪದ್ಧತಿ ನಿರ್ಮೂಲನಾ ದಿನಾಚರಣೆ ಕಾರ್ಯಕ್ರಮ ಉದ್ಘಾಟಿಸಿ ಮಾತನಾಡಿದ ಅವರು, ಜೀತ ಪದ್ಧತಿ ಸಂಪೂರ್ಣ ನಿರ್ಮೂಲನೆಗೆ ಎಲ್ಲರೂ ಕೈಜೋಡಿಸಬೇಕು. ಕಾರ್ಯಕ್ರಮದಲ್ಲಿ ಜಿಲ್ಲಾಧಿಕಾರಿಗಳು, ಅಧಿಕಾರಿಗಳು ಹಾಗೂ ಸಾರ್ವಜನಿಕರು ಹಾಜರಿದ್ದರು.
ಸಾಲ ನೀಡಿ ವ್ಯಕ್ತಿಯನ್ನು ಜೀವನ ಪರ್ಯಂತ ಜೀತದಾಳಾಗಿ ದುಡಿಸಿಕೊಳ್ಳುವುದೇ ಜೀತ ಪದ್ಧತಿ. ಇಂದಿನ ದಿನಗಳಲ್ಲಿ ಜೀತ ಪದ್ಧತಿ ಕಡಿಮೆಯಾಗುತ್ತಿರುವುದಾದರೂ ಕೆಲವು ಟೀ ಮತ್ತು ಕಾಫಿ ತೋಟಗಳಲ್ಲಿ ಇನ್ನೂ ಗುಪ್ತವಾಗಿ ನಡೆಯುತ್ತಿರುವುದು ವಿಷಾದನೀಯ. ಇಂತಹ ಪ್ರಕರಣಗಳು ಕಂಡುಬಂದರೆ ತಕ್ಷಣ ಸಾರ್ವಜನಿಕ ಸೇವಾ ಸಂಸ್ಥೆಗೆ ಮಾಹಿತಿ ನೀಡಬೇಕು.
◀ ಬಿ.ಕೆ.ದಾಕ್ಷಾಯಿಣಿ
ಹಿರಿಯ ಸಿವಿಲ್ ನ್ಯಾಯಾಧೀಶರು
ಸಮಾಜದ ಪ್ರತಿಯೊಬ್ಬರೂ ತಮ್ಮ ಕರ್ತವ್ಯವನ್ನು ನಿಷ್ಠೆಯಿಂದ ನಿರ್ವಹಿಸಿದಾಗ ಮಾತ್ರ ಉತ್ತಮ ಸಮಾಜ ನಿರ್ಮಾಣ ಸಾಧ್ಯ ಎಂದು ಪ್ರಧಾನ ಜಿಲ್ಲಾ ಮತ್ತು ಸತ್ರ ನ್ಯಾಯಾಧೀಶರು ಅಭಿಪ್ರಾಯಪಟ್ಟರು. ಜೀತ ಪದ್ಧತಿ ನಿರ್ಮೂಲನಾ ದಿನಾಚರಣೆ ಕಾರ್ಯಕ್ರಮ ಉದ್ಘಾಟಿಸಿ ಮಾತನಾಡಿದ ಅವರು, ಜೀತ ಪದ್ಧತಿ ಸಂಪೂರ್ಣ ನಿರ್ಮೂಲನೆಗೆ ಎಲ್ಲರೂ ಕೈಜೋಡಿಸಬೇಕು. ಕಾರ್ಯಕ್ರಮದಲ್ಲಿ ಜಿಲ್ಲಾಧಿಕಾರಿಗಳು, ಅಧಿಕಾರಿಗಳು ಹಾಗೂ ಸಾರ್ವಜನಿಕರು ಹಾಜರಿದ್ದರು.
